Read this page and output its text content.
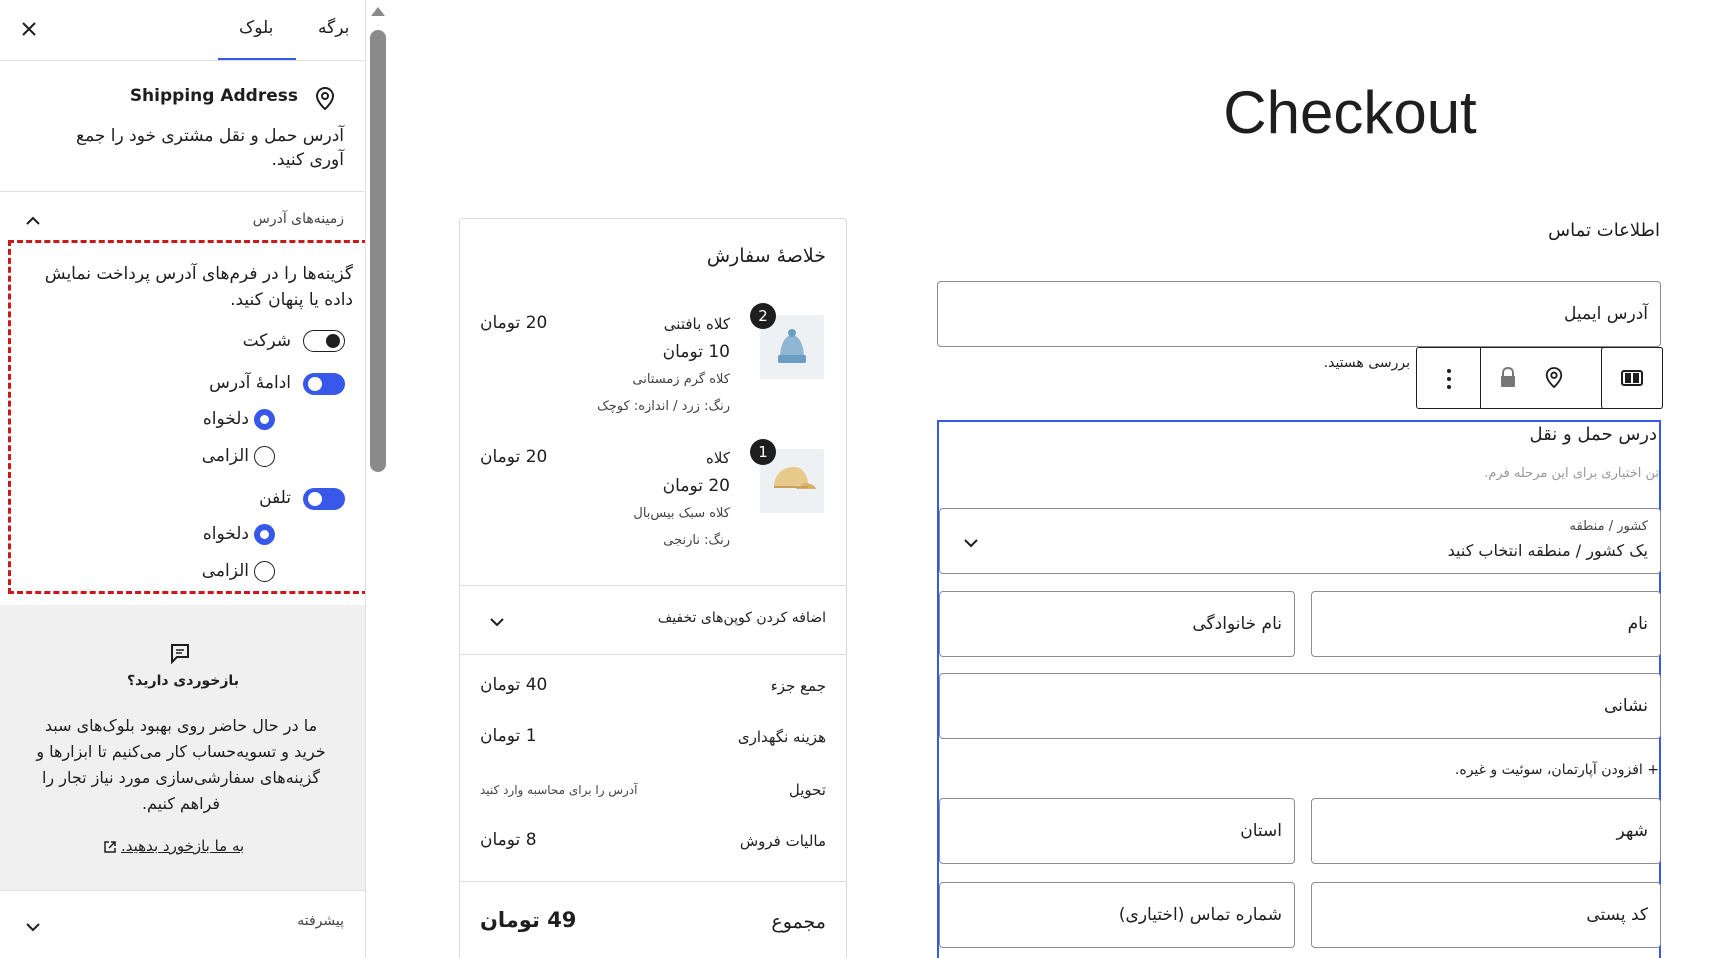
برگه
بلوک
Shipping Address
آدرس حمل و نقل مشتری خود را جمع آوری کنید.
زمینه‌های آدرس
گزینه‌ها را در فرم‌های آدرس پرداخت نمایش داده یا پنهان کنید.
شرکت
ادامهٔ آدرس
دلخواه
الزامی
تلفن
دلخواه
الزامی
بازخوردی دارید؟
ما در حال حاضر روی بهبود بلوک‌های سبد خرید و تسویه‌حساب کار می‌کنیم تا ابزارها و گزینه‌های سفارشی‌سازی مورد نیاز تجار را فراهم کنیم.
به ما بازخورد بدهید.
پیشرفته
Checkout
خلاصهٔ سفارش
2
کلاه بافتنی
20 تومان
10 تومان
کلاه گرم زمستانی
رنگ: زرد / اندازه: کوچک
1
کلاه
20 تومان
20 تومان
کلاه سبک بیس‌بال
رنگ: نارنجی
اضافه کردن کوپن‌های تخفیف
جمع جزء
40 تومان
هزینه نگهداری
1 تومان
تحویل
آدرس را برای محاسبه وارد کنید
مالیات فروش
8 تومان
مجموع
49 تومان
اطلاعات تماس
آدرس ایمیل
بررسی هستید.
درس حمل و نقل
تن اختیاری برای این مرحله فرم.
کشور / منطقه
یک کشور / منطقه انتخاب کنید
نام
نام خانوادگی
نشانی
+ افزودن آپارتمان، سوئیت و غیره.
شهر
استان
کد پستی
شماره تماس (اختیاری)
